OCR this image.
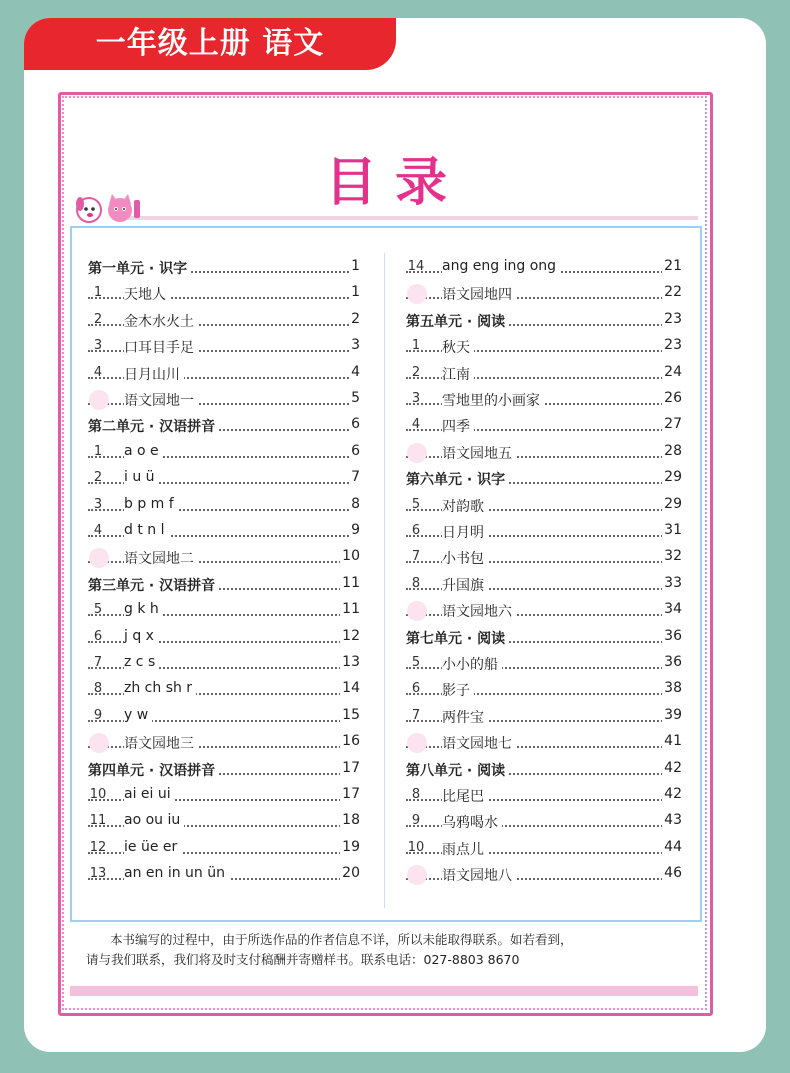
一年级上册 语文
目录
第一单元 · 识字	1
1	天地人	1
2	金木水火土	2
3	口耳目手足	3
4	日月山川	4
语文园地一	5
第二单元 · 汉语拼音	6
1	a o e	6
2	i u ü	7
3	b p m f	8
4	d t n l	9
语文园地二	10
第三单元 · 汉语拼音	11
5	g k h	11
6	j q x	12
7	z c s	13
8	zh ch sh r	14
9	y w	15
语文园地三	16
第四单元 · 汉语拼音	17
10 ai ei ui	17
11 ao ou iu	18
12 ie üe er	19
13 an en in un ün	20
14 ang eng ing ong	21
语文园地四	22
第五单元 · 阅读	23
1	秋天	23
2	江南	24
3	雪地里的小画家	26
4	四季	27
语文园地五	28
第六单元 · 识字	29
5	对韵歌	29
6	日月明	31
7	小书包	32
8	升国旗	33
语文园地六	34
第七单元 · 阅读	36
5	小小的船	36
6	影子	38
7	两件宝	39
语文园地七	41
第八单元 · 阅读	42
8	比尾巴	42
9	乌鸦喝水	43
10 雨点儿	44
语文园地八	46
本书编写的过程中，由于所选作品的作者信息不详，所以未能取得联系。如若看到，
请与我们联系，我们将及时支付稿酬并寄赠样书。联系电话：027-8803 8670
